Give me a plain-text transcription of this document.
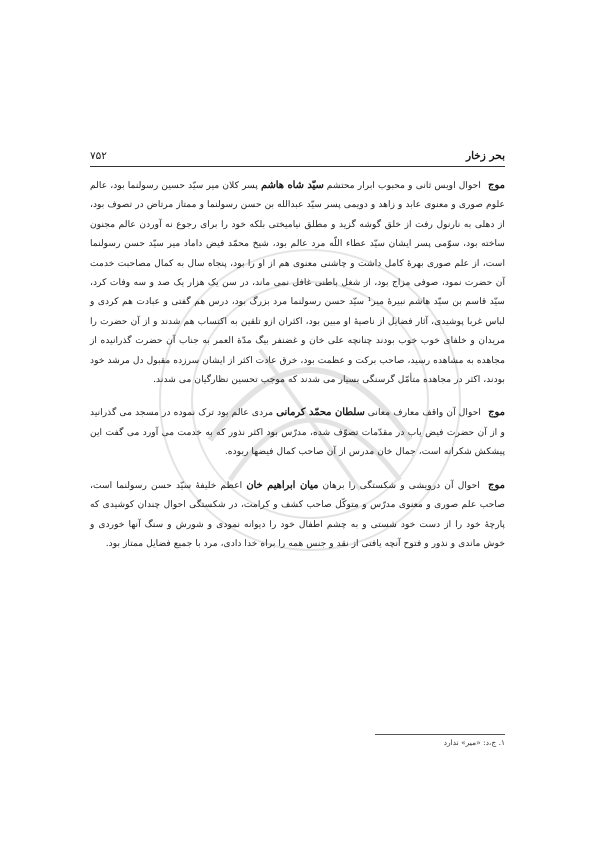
بحر زخار
۷۵۲

موج احوال اویس ثانی و محبوب ابرار محتشم سیّد شاه هاشم پسر کلان میر سیّد حسین رسولنما بود، عالم علوم صوری و معنوی عابد و زاهد و دویمی پسر سیّد عبدالله بن حسن رسولنما و ممتاز مرتاض در تصوف بود، از دهلی به نارنول رفت از خلق گوشه گزید و مطلق نیامیختی بلکه خود را برای رجوع نه آوردن عالم مجنون ساخته بود، سوّمی پسر ایشان سیّد عطاء اللّه مرد عالم بود، شیخ محمّد فیض داماد میر سیّد حسن رسولنما است، از علم صوری بهرهٔ کامل داشت و چاشنی معنوی هم از او را بود، پنجاه سال به کمال مصاحبت خدمت آن حضرت نمود، صوفی مزاج بود، از شغل باطنی غافل نمی ماند، در سن یک هزار یک صد و سه وفات کرد، سیّد قاسم بن سیّد هاشم نبیرهٔ میر¹ سیّد حسن رسولنما مرد بزرگ بود، درس هم گفتی و عبادت هم کردی و لباس غربا پوشیدی، آثار فضایل از ناصیهٔ او مبین بود، اکثران ازو تلقین به اکتساب هم شدند و از آن حضرت را مریدان و خلفای خوب خوب بودند چنانچه علی خان و غضنفر بیگ مدّة العمر به جناب آن حضرت گذرانیده از مجاهده به مشاهده رسید، صاحب برکت و عظمت بود، خرق عادت اکثر از ایشان سرزده مقبول دل مرشد خود بودند، اکثر در مجاهده متأمّل گرسنگی بسیار می شدند که موجب تحسین نظارگیان می شدند.

موج احوال آن واقف معارف معانی سلطان محمّد کرمانی مردی عالم بود ترک نموده در مسجد می گذرانید و از آن حضرت فیض یاب در مقدّمات تصوّف شده، مدرّس بود اکثر نذور که به خدمت می آورد می گفت این پیشکش شکرانه است، جمال خان مدرس از آن صاحب کمال فیضها ربوده.

موج احوال آن درویشی و شکستگی را برهان میان ابراهیم خان اعظم خلیفهٔ سیّد حسن رسولنما است، صاحب علم صوری و معنوی مدرّس و متوکّل صاحب کشف و کرامت، در شکستگی احوال چندان کوشیدی که پارچهٔ خود را از دست خود شستی و به چشم اطفال خود را دیوانه نمودی و شورش و سنگ آنها خوردی و خوش ماندی و نذور و فتوح آنچه یافتی از نقد و جنس همه را براه خدا دادی، مرد با جمیع فضایل ممتاز بود.

۱. ج،د: «میر» ندارد
